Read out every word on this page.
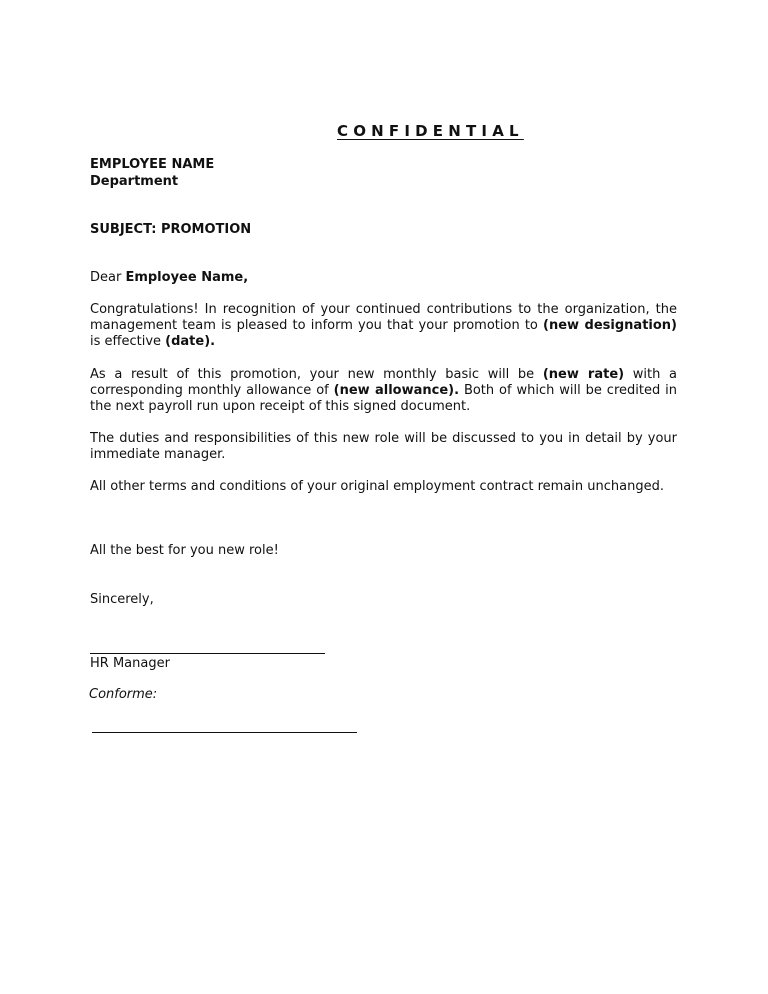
CONFIDENTIAL
EMPLOYEE NAME
Department
SUBJECT: PROMOTION
Dear Employee Name,
Congratulations! In recognition of your continued contributions to the organization, the management team is pleased to inform you that your promotion to (new designation) is effective (date).
As a result of this promotion, your new monthly basic will be (new rate) with a corresponding monthly allowance of (new allowance). Both of which will be credited in the next payroll run upon receipt of this signed document.
The duties and responsibilities of this new role will be discussed to you in detail by your immediate manager.
All other terms and conditions of your original employment contract remain unchanged.
All the best for you new role!
Sincerely,
HR Manager
Conforme:
